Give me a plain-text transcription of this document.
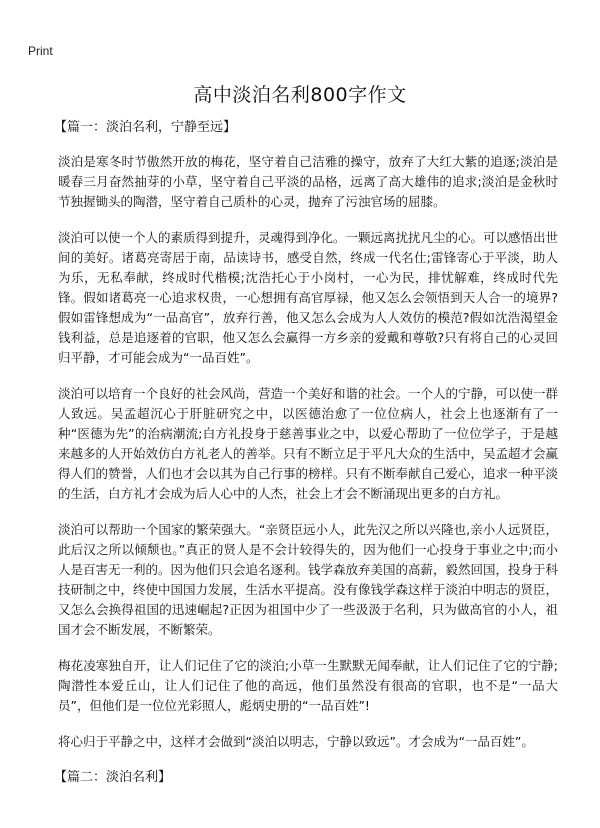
Print
高中淡泊名利800字作文

【篇一：淡泊名利，宁静至远】

淡泊是寒冬时节傲然开放的梅花，坚守着自己洁雅的操守，放弃了大红大紫的追逐;淡泊是暖春三月奋然抽芽的小草，坚守着自己平淡的品格，远离了高大雄伟的追求;淡泊是金秋时节独握锄头的陶潜，坚守着自己质朴的心灵，抛弃了污浊官场的屈膝。

淡泊可以使一个人的素质得到提升，灵魂得到净化。一颗远离扰扰凡尘的心。可以感悟出世间的美好。诸葛亮寄居于南，品读诗书，感受自然，终成一代名仕;雷锋寄心于平淡，助人为乐，无私奉献，终成时代楷模;沈浩托心于小岗村，一心为民，排忧解难，终成时代先锋。假如诸葛亮一心追求权贵，一心想拥有高官厚禄，他又怎么会领悟到天人合一的境界?假如雷锋想成为“一品高官”，放弃行善，他又怎么会成为人人效仿的模范?假如沈浩渴望金钱利益，总是追逐着的官职，他又怎么会赢得一方乡亲的爱戴和尊敬?只有将自己的心灵回归平静，才可能会成为“一品百姓”。

淡泊可以培育一个良好的社会风尚，营造一个美好和谐的社会。一个人的宁静，可以使一群人致远。吴孟超沉心于肝脏研究之中，以医德治愈了一位位病人，社会上也逐渐有了一种“医德为先”的治病潮流;白方礼投身于慈善事业之中，以爱心帮助了一位位学子，于是越来越多的人开始效仿白方礼老人的善举。只有不断立足于平凡大众的生活中，吴孟超才会赢得人们的赞誉，人们也才会以其为自己行事的榜样。只有不断奉献自己爱心，追求一种平淡的生活，白方礼才会成为后人心中的人杰，社会上才会不断涌现出更多的白方礼。

淡泊可以帮助一个国家的繁荣强大。“亲贤臣远小人，此先汉之所以兴隆也,亲小人远贤臣，此后汉之所以倾颓也。”真正的贤人是不会计较得失的，因为他们一心投身于事业之中;而小人是百害无一利的。因为他们只会追名逐利。钱学森放弃美国的高薪，毅然回国，投身于科技研制之中，终使中国国力发展，生活水平提高。没有像钱学森这样于淡泊中明志的贤臣，又怎么会换得祖国的迅速崛起?正因为祖国中少了一些汲汲于名利，只为做高官的小人，祖国才会不断发展，不断繁荣。

梅花凌寒独自开，让人们记住了它的淡泊;小草一生默默无闻奉献，让人们记住了它的宁静;陶潜性本爱丘山，让人们记住了他的高远，他们虽然没有很高的官职，也不是“一品大员”，但他们是一位位光彩照人，彪炳史册的“一品百姓”!

将心归于平静之中，这样才会做到“淡泊以明志，宁静以致远”。才会成为“一品百姓”。

【篇二：淡泊名利】
